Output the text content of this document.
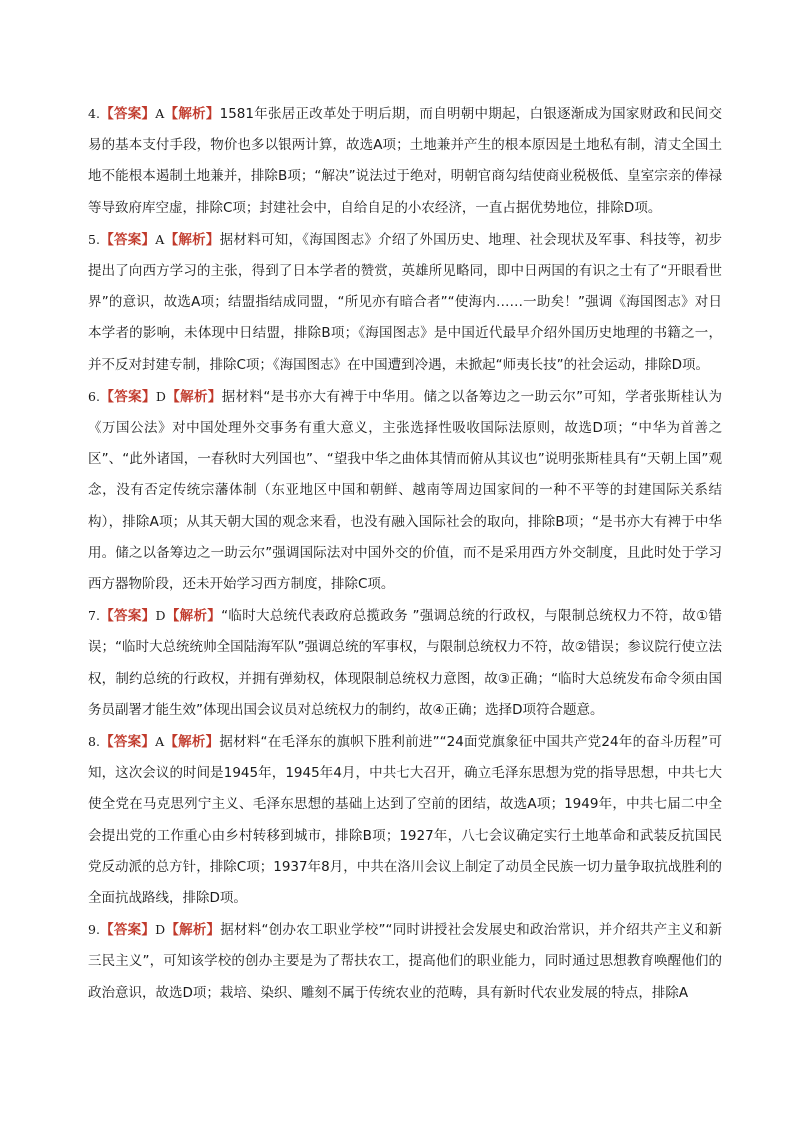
4.【答案】A【解析】1581年张居正改革处于明后期，而自明朝中期起，白银逐渐成为国家财政和民间交易的基本支付手段，物价也多以银两计算，故选A项；土地兼并产生的根本原因是土地私有制，清丈全国土地不能根本遏制土地兼并，排除B项；“解决”说法过于绝对，明朝官商勾结使商业税极低、皇室宗亲的俸禄等导致府库空虚，排除C项；封建社会中，自给自足的小农经济，一直占据优势地位，排除D项。

5.【答案】A【解析】据材料可知，《海国图志》介绍了外国历史、地理、社会现状及军事、科技等，初步提出了向西方学习的主张，得到了日本学者的赞赏，英雄所见略同，即中日两国的有识之士有了“开眼看世界”的意识，故选A项；结盟指结成同盟，“所见亦有暗合者”“使海内……一助矣！”强调《海国图志》对日本学者的影响，未体现中日结盟，排除B项；《海国图志》是中国近代最早介绍外国历史地理的书籍之一，并不反对封建专制，排除C项；《海国图志》在中国遭到冷遇，未掀起“师夷长技”的社会运动，排除D项。

6.【答案】D【解析】据材料“是书亦大有裨于中华用。储之以备筹边之一助云尔”可知，学者张斯桂认为《万国公法》对中国处理外交事务有重大意义，主张选择性吸收国际法原则，故选D项；“中华为首善之区”、“此外诸国，一春秋时大列国也”、“望我中华之曲体其情而俯从其议也”说明张斯桂具有“天朝上国”观念，没有否定传统宗藩体制（东亚地区中国和朝鲜、越南等周边国家间的一种不平等的封建国际关系结构），排除A项；从其天朝大国的观念来看，也没有融入国际社会的取向，排除B项；“是书亦大有裨于中华用。储之以备筹边之一助云尔”强调国际法对中国外交的价值，而不是采用西方外交制度，且此时处于学习西方器物阶段，还未开始学习西方制度，排除C项。

7.【答案】D【解析】“临时大总统代表政府总揽政务 ”强调总统的行政权，与限制总统权力不符，故①错误；“临时大总统统帅全国陆海军队”强调总统的军事权，与限制总统权力不符，故②错误；参议院行使立法权，制约总统的行政权，并拥有弹劾权，体现限制总统权力意图，故③正确；“临时大总统发布命令须由国务员副署才能生效”体现出国会议员对总统权力的制约，故④正确；选择D项符合题意。

8.【答案】A【解析】据材料“在毛泽东的旗帜下胜利前进”“24面党旗象征中国共产党24年的奋斗历程”可知，这次会议的时间是1945年，1945年4月，中共七大召开，确立毛泽东思想为党的指导思想，中共七大使全党在马克思列宁主义、毛泽东思想的基础上达到了空前的团结，故选A项；1949年，中共七届二中全会提出党的工作重心由乡村转移到城市，排除B项；1927年，八七会议确定实行土地革命和武装反抗国民党反动派的总方针，排除C项；1937年8月，中共在洛川会议上制定了动员全民族一切力量争取抗战胜利的全面抗战路线，排除D项。

9.【答案】D【解析】据材料“创办农工职业学校”“同时讲授社会发展史和政治常识，并介绍共产主义和新三民主义”，可知该学校的创办主要是为了帮扶农工，提高他们的职业能力，同时通过思想教育唤醒他们的政治意识，故选D项；栽培、染织、雕刻不属于传统农业的范畴，具有新时代农业发展的特点，排除A
